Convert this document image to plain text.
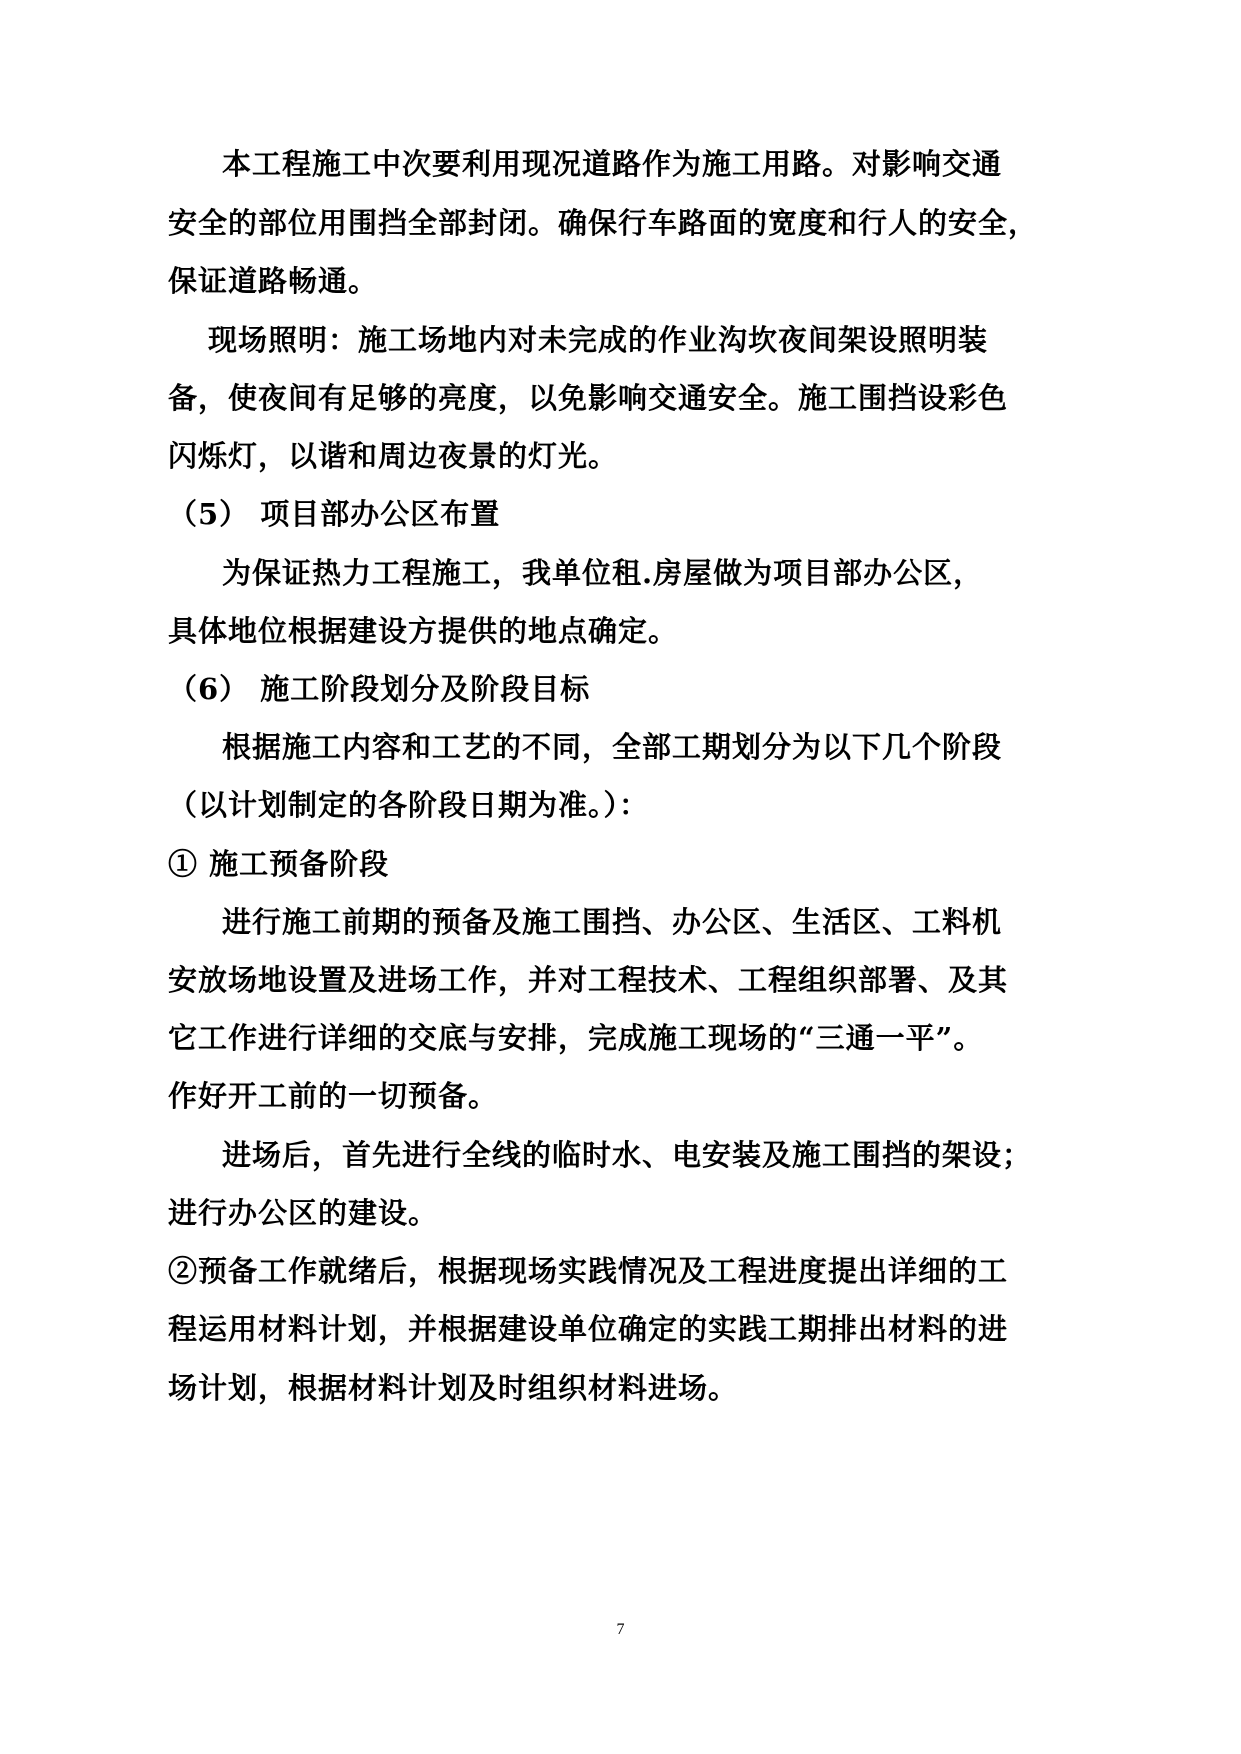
本工程施工中次要利用现况道路作为施工用路。对影响交通
安全的部位用围挡全部封闭。确保行车路面的宽度和行人的安全，
保证道路畅通。
现场照明：施工场地内对未完成的作业沟坎夜间架设照明装
备，使夜间有足够的亮度，以免影响交通安全。施工围挡设彩色
闪烁灯，以谐和周边夜景的灯光。
（5） 项目部办公区布置
为保证热力工程施工，我单位租.房屋做为项目部办公区，
具体地位根据建设方提供的地点确定。
（6） 施工阶段划分及阶段目标
根据施工内容和工艺的不同，全部工期划分为以下几个阶段
（以计划制定的各阶段日期为准。）：
① 施工预备阶段
进行施工前期的预备及施工围挡、办公区、生活区、工料机
安放场地设置及进场工作，并对工程技术、工程组织部署、及其
它工作进行详细的交底与安排，完成施工现场的“三通一平”。
作好开工前的一切预备。
进场后，首先进行全线的临时水、电安装及施工围挡的架设；
进行办公区的建设。
②预备工作就绪后，根据现场实践情况及工程进度提出详细的工
程运用材料计划，并根据建设单位确定的实践工期排出材料的进
场计划，根据材料计划及时组织材料进场。
7
